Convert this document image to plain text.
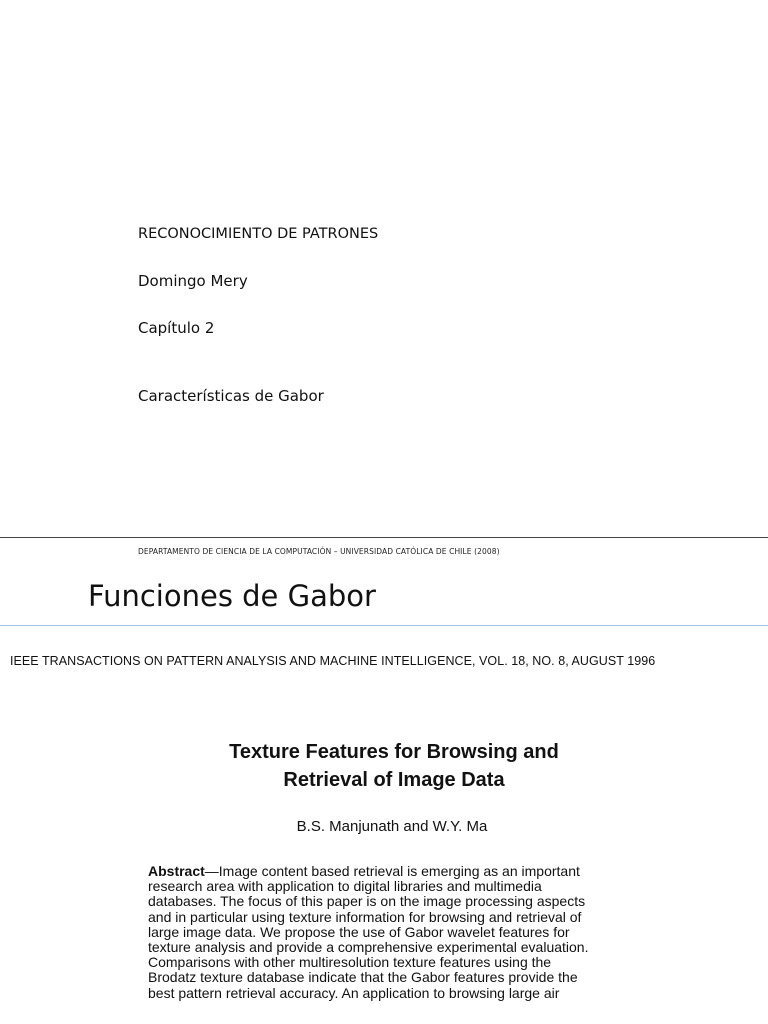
RECONOCIMIENTO DE PATRONES
Domingo Mery
Capítulo 2
Características de Gabor
DEPARTAMENTO DE CIENCIA DE LA COMPUTACIÓN – UNIVERSIDAD CATÓLICA DE CHILE (2008)
Funciones de Gabor
IEEE TRANSACTIONS ON PATTERN ANALYSIS AND MACHINE INTELLIGENCE, VOL. 18, NO. 8, AUGUST 1996
Texture Features for Browsing and
Retrieval of Image Data
B.S. Manjunath and W.Y. Ma

Abstract—Image content based retrieval is emerging as an important
research area with application to digital libraries and multimedia
databases. The focus of this paper is on the image processing aspects
and in particular using texture information for browsing and retrieval of
large image data. We propose the use of Gabor wavelet features for
texture analysis and provide a comprehensive experimental evaluation.
Comparisons with other multiresolution texture features using the
Brodatz texture database indicate that the Gabor features provide the
best pattern retrieval accuracy. An application to browsing large air
